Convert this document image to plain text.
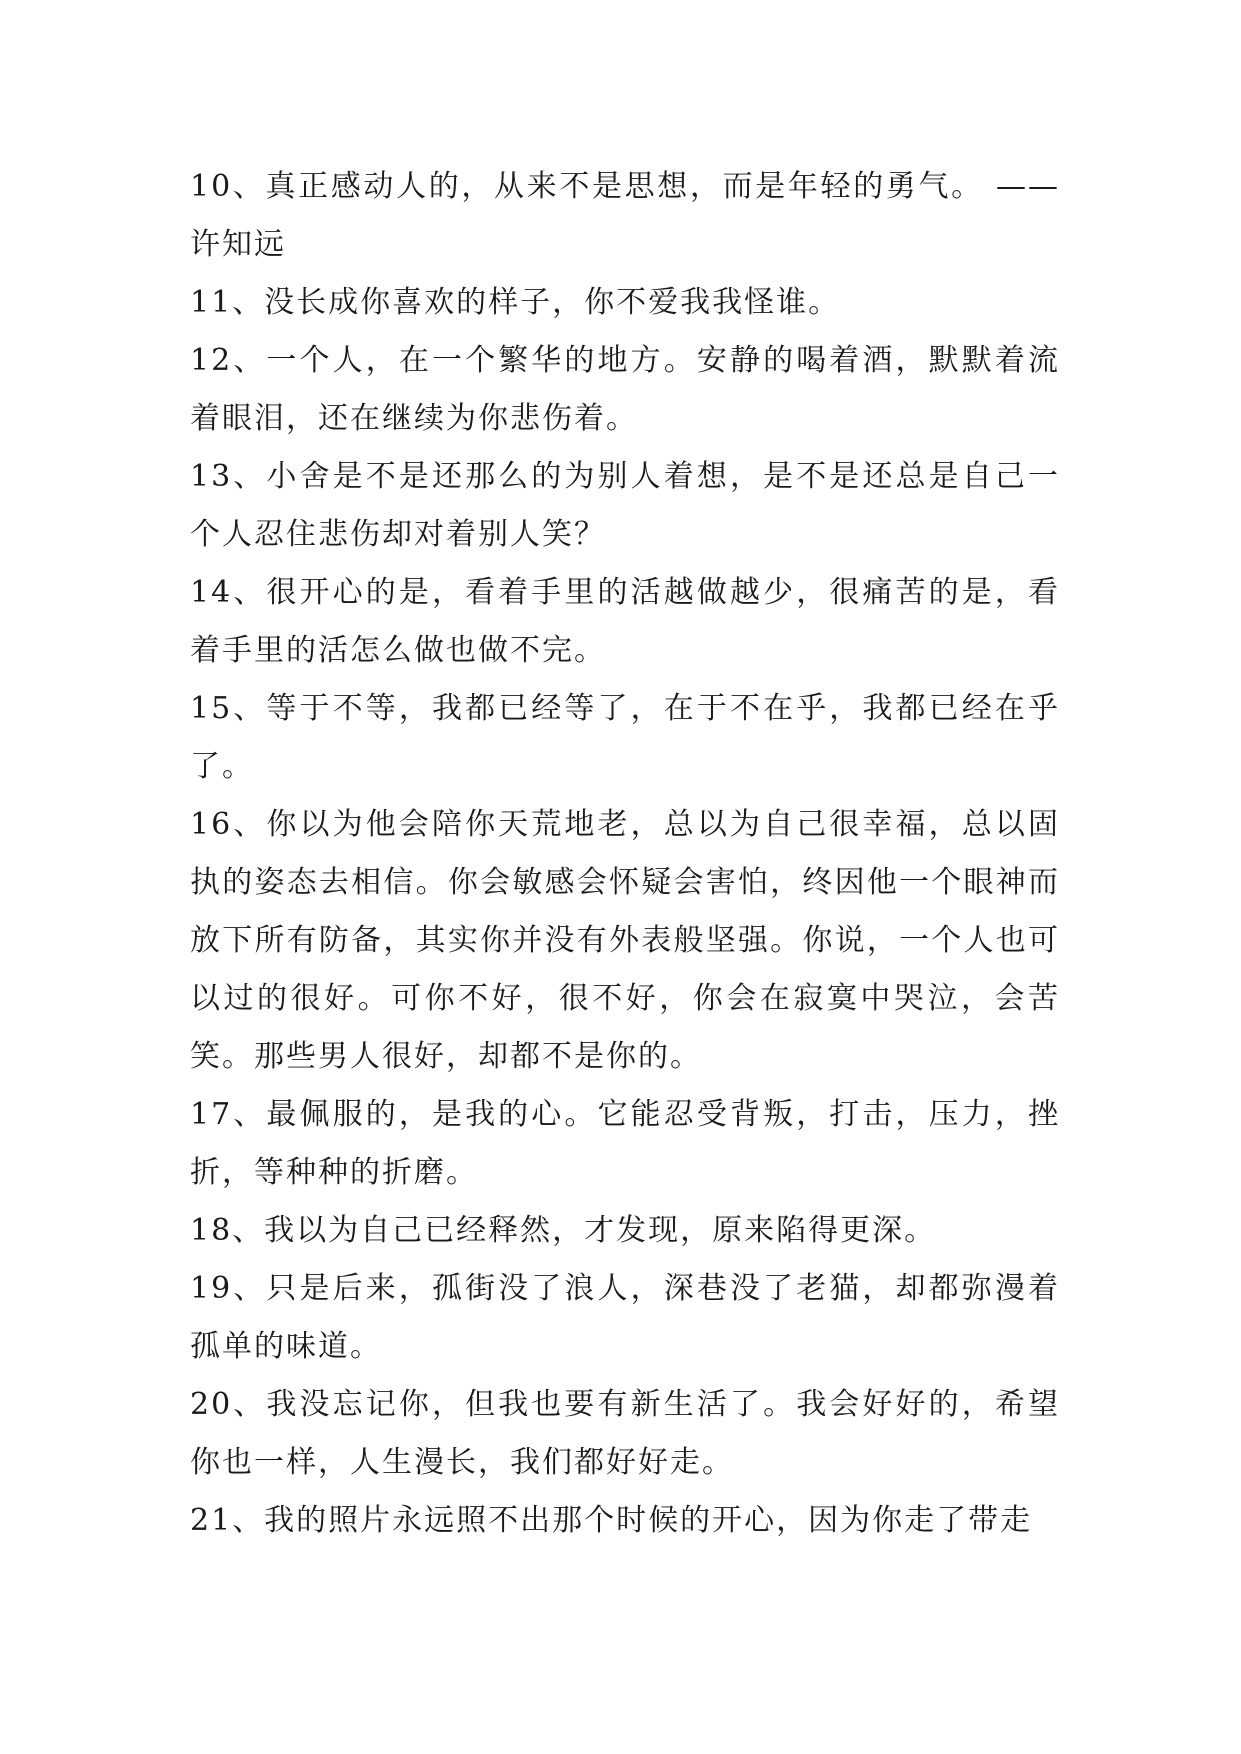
10、真正感动人的，从来不是思想，而是年轻的勇气。 ——许知远

11、没长成你喜欢的样子，你不爱我我怪谁。

12、一个人，在一个繁华的地方。安静的喝着酒，默默着流着眼泪，还在继续为你悲伤着。

13、小舍是不是还那么的为别人着想，是不是还总是自己一个人忍住悲伤却对着别人笑？

14、很开心的是，看着手里的活越做越少，很痛苦的是，看着手里的活怎么做也做不完。

15、等于不等，我都已经等了，在于不在乎，我都已经在乎了。

16、你以为他会陪你天荒地老，总以为自己很幸福，总以固执的姿态去相信。你会敏感会怀疑会害怕，终因他一个眼神而放下所有防备，其实你并没有外表般坚强。你说，一个人也可以过的很好。可你不好，很不好，你会在寂寞中哭泣，会苦笑。那些男人很好，却都不是你的。

17、最佩服的，是我的心。它能忍受背叛，打击，压力，挫折，等种种的折磨。

18、我以为自己已经释然，才发现，原来陷得更深。

19、只是后来，孤街没了浪人，深巷没了老猫，却都弥漫着孤单的味道。

20、我没忘记你，但我也要有新生活了。我会好好的，希望你也一样，人生漫长，我们都好好走。

21、我的照片永远照不出那个时候的开心，因为你走了带走
